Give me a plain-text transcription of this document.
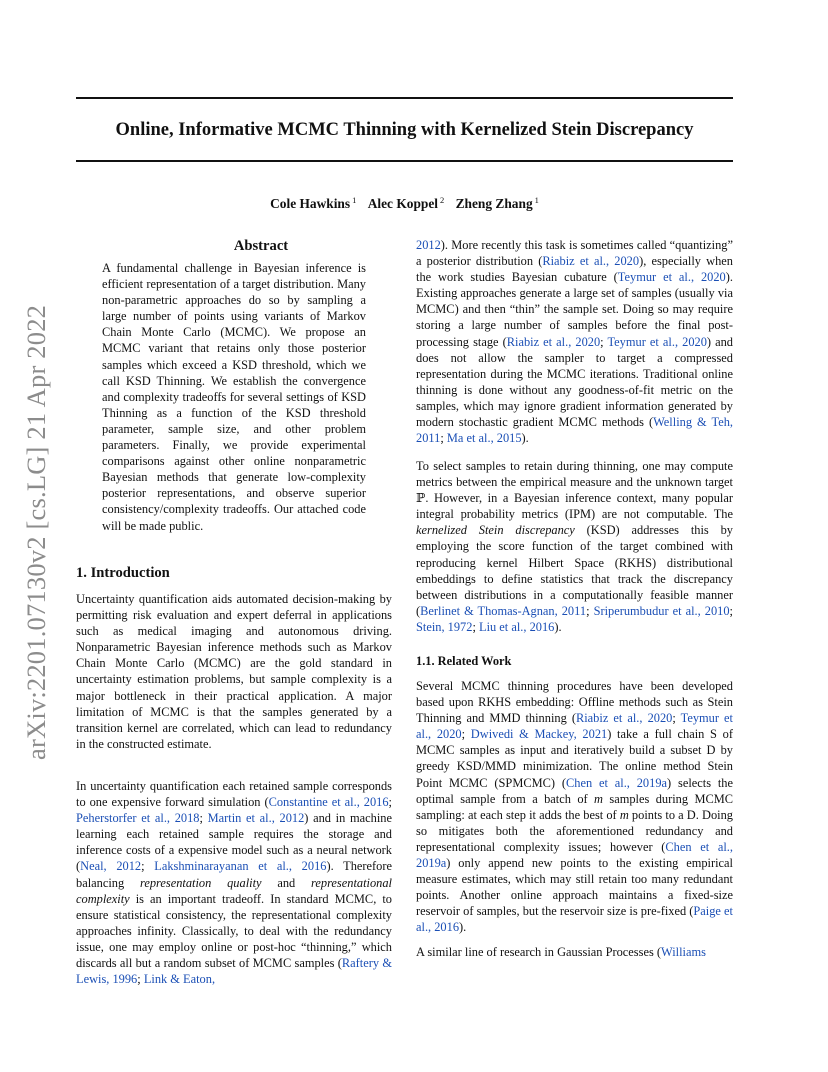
arXiv:2201.07130v2 [cs.LG] 21 Apr 2022
Online, Informative MCMC Thinning with Kernelized Stein Discrepancy
Cole Hawkins $^1$ Alec Koppel $^2$ Zheng Zhang $^1$
Abstract

A fundamental challenge in Bayesian inference is efficient representation of a target distribution. Many non-parametric approaches do so by sampling a large number of points using variants of Markov Chain Monte Carlo (MCMC). We propose an MCMC variant that retains only those posterior samples which exceed a KSD threshold, which we call KSD Thinning. We establish the convergence and complexity tradeoffs for several settings of KSD Thinning as a function of the KSD threshold parameter, sample size, and other problem parameters. Finally, we provide experimental comparisons against other online nonparametric Bayesian methods that generate low-complexity posterior representations, and observe superior consistency/complexity tradeoffs. Our attached code will be made public.

1. Introduction

Uncertainty quantification aids automated decision-making by permitting risk evaluation and expert deferral in applications such as medical imaging and autonomous driving. Nonparametric Bayesian inference methods such as Markov Chain Monte Carlo (MCMC) are the gold standard in uncertainty estimation problems, but sample complexity is a major bottleneck in their practical application. A major limitation of MCMC is that the samples generated by a transition kernel are correlated, which can lead to redundancy in the constructed estimate.

In uncertainty quantification each retained sample corresponds to one expensive forward simulation (Constantine et al., 2016; Peherstorfer et al., 2018; Martin et al., 2012) and in machine learning each retained sample requires the storage and inference costs of a expensive model such as a neural network (Neal, 2012; Lakshminarayanan et al., 2016). Therefore balancing representation quality and representational complexity is an important tradeoff. In standard MCMC, to ensure statistical consistency, the representational complexity approaches infinity. Classically, to deal with the redundancy issue, one may employ online or post-hoc “thinning,” which discards all but a random subset of MCMC samples (Raftery & Lewis, 1996; Link & Eaton,

2012). More recently this task is sometimes called “quantizing” a posterior distribution (Riabiz et al., 2020), especially when the work studies Bayesian cubature (Teymur et al., 2020). Existing approaches generate a large set of samples (usually via MCMC) and then “thin” the sample set. Doing so may require storing a large number of samples before the final post-processing stage (Riabiz et al., 2020; Teymur et al., 2020) and does not allow the sampler to target a compressed representation during the MCMC iterations. Traditional online thinning is done without any goodness-of-fit metric on the samples, which may ignore gradient information generated by modern stochastic gradient MCMC methods (Welling & Teh, 2011; Ma et al., 2015).

To select samples to retain during thinning, one may compute metrics between the empirical measure and the unknown target ℙ. However, in a Bayesian inference context, many popular integral probability metrics (IPM) are not computable. The kernelized Stein discrepancy (KSD) addresses this by employing the score function of the target combined with reproducing kernel Hilbert Space (RKHS) distributional embeddings to define statistics that track the discrepancy between distributions in a computationally feasible manner (Berlinet & Thomas-Agnan, 2011; Sriperumbudur et al., 2010; Stein, 1972; Liu et al., 2016).

1.1. Related Work

Several MCMC thinning procedures have been developed based upon RKHS embedding: Offline methods such as Stein Thinning and MMD thinning (Riabiz et al., 2020; Teymur et al., 2020; Dwivedi & Mackey, 2021) take a full chain S of MCMC samples as input and iteratively build a subset D by greedy KSD/MMD minimization. The online method Stein Point MCMC (SPMCMC) (Chen et al., 2019a) selects the optimal sample from a batch of m samples during MCMC sampling: at each step it adds the best of m points to a D. Doing so mitigates both the aforementioned redundancy and representational complexity issues; however (Chen et al., 2019a) only append new points to the existing empirical measure estimates, which may still retain too many redundant points. Another online approach maintains a fixed-size reservoir of samples, but the reservoir size is pre-fixed (Paige et al., 2016).

A similar line of research in Gaussian Processes (Williams
